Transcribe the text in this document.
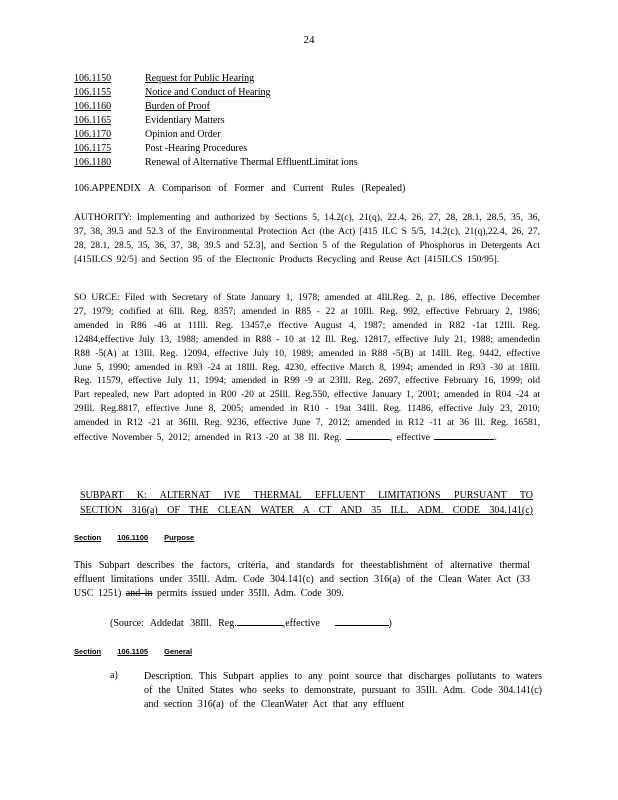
24
106.1150	Request for Public Hearing
106.1155	Notice and Conduct of Hearing
106.1160	Burden of Proof
106.1165	Evidentiary Matters
106.1170	Opinion and Order
106.1175	Post -Hearing Procedures
106.1180	Renewal of Alternative Thermal EffluentLimitat ions
106.APPENDIX A Comparison of Former and Current Rules (Repealed)
AUTHORITY: Implementing and authorized by Sections 5, 14.2(c), 21(q), 22.4, 26, 27, 28, 28.1, 28.5, 35, 36, 37, 38, 39.5 and 52.3 of the Environmental Protection Act (the Act) [415 ILC S 5/5, 14.2(c), 21(q),22.4, 26, 27, 28, 28.1, 28.5, 35, 36, 37, 38, 39.5 and 52.3], and Section 5 of the Regulation of Phosphorus in Detergents Act [415ILCS 92/5] and Section 95 of the Electronic Products Recycling and Reuse Act [415ILCS 150/95].
SO URCE: Filed with Secretary of State January 1, 1978; amended at 4Ill.Reg. 2, p. 186, effective December 27, 1979; codified at 6Ill. Reg. 8357; amended in R85 - 22 at 10Ill. Reg. 992, effective February 2, 1986; amended in R86 -46 at 11Ill. Reg. 13457,e ffective August 4, 1987; amended in R82 -1at 12Ill. Reg. 12484,effective July 13, 1988; amended in R88 - 10 at 12 Ill. Reg. 12817, effective July 21, 1988; amendedin R88 -5(A) at 13Ill. Reg. 12094, effective July 10, 1989; amended in R88 -5(B) at 14Ill. Reg. 9442, effective June 5, 1990; amended in R93 -24 at 18Ill. Reg. 4230, effective March 8, 1994; amended in R93 -30 at 18Ill. Reg. 11579, effective July 11, 1994; amended in R99 -9 at 23Ill. Reg. 2697, effective February 16, 1999; old Part repealed, new Part adopted in R00 -20 at 25Ill. Reg.550, effective January 1, 2001; amended in R04 -24 at 29Ill. Reg.8817, effective June 8, 2005; amended in R10 - 19at 34Ill. Reg. 11486, effective July 23, 2010; amended in R12 -21 at 36Ill. Reg. 9236, effective June 7, 2012; amended in R12 -11 at 36 Ill. Reg. 16581, effective November 5, 2012; amended in R13 -20 at 38 Ill. Reg.	, effective	.
SUBPART K: ALTERNAT IVE THERMAL EFFLUENT LIMITATIONS PURSUANT TO
SECTION 316(a) OF THE CLEAN WATER A CT AND 35 ILL. ADM. CODE 304.141(c)
Section 106.1100 Purpose
This Subpart describes the factors, criteria, and standards for theestablishment of alternative thermal effluent limitations under 35Ill. Adm. Code 304.141(c) and section 316(a) of the Clean Water Act (33 USC 1251) and in permits issued under 35Ill. Adm. Code 309.
(Source: Addedat 38Ill. Reg.	,effective	)
Section 106.1105 General
a)	Description. This Subpart applies to any point source that discharges pollutants to waters of the United States who seeks to demonstrate, pursuant to 35Ill. Adm. Code 304.141(c) and section 316(a) of the CleanWater Act that any effluent
